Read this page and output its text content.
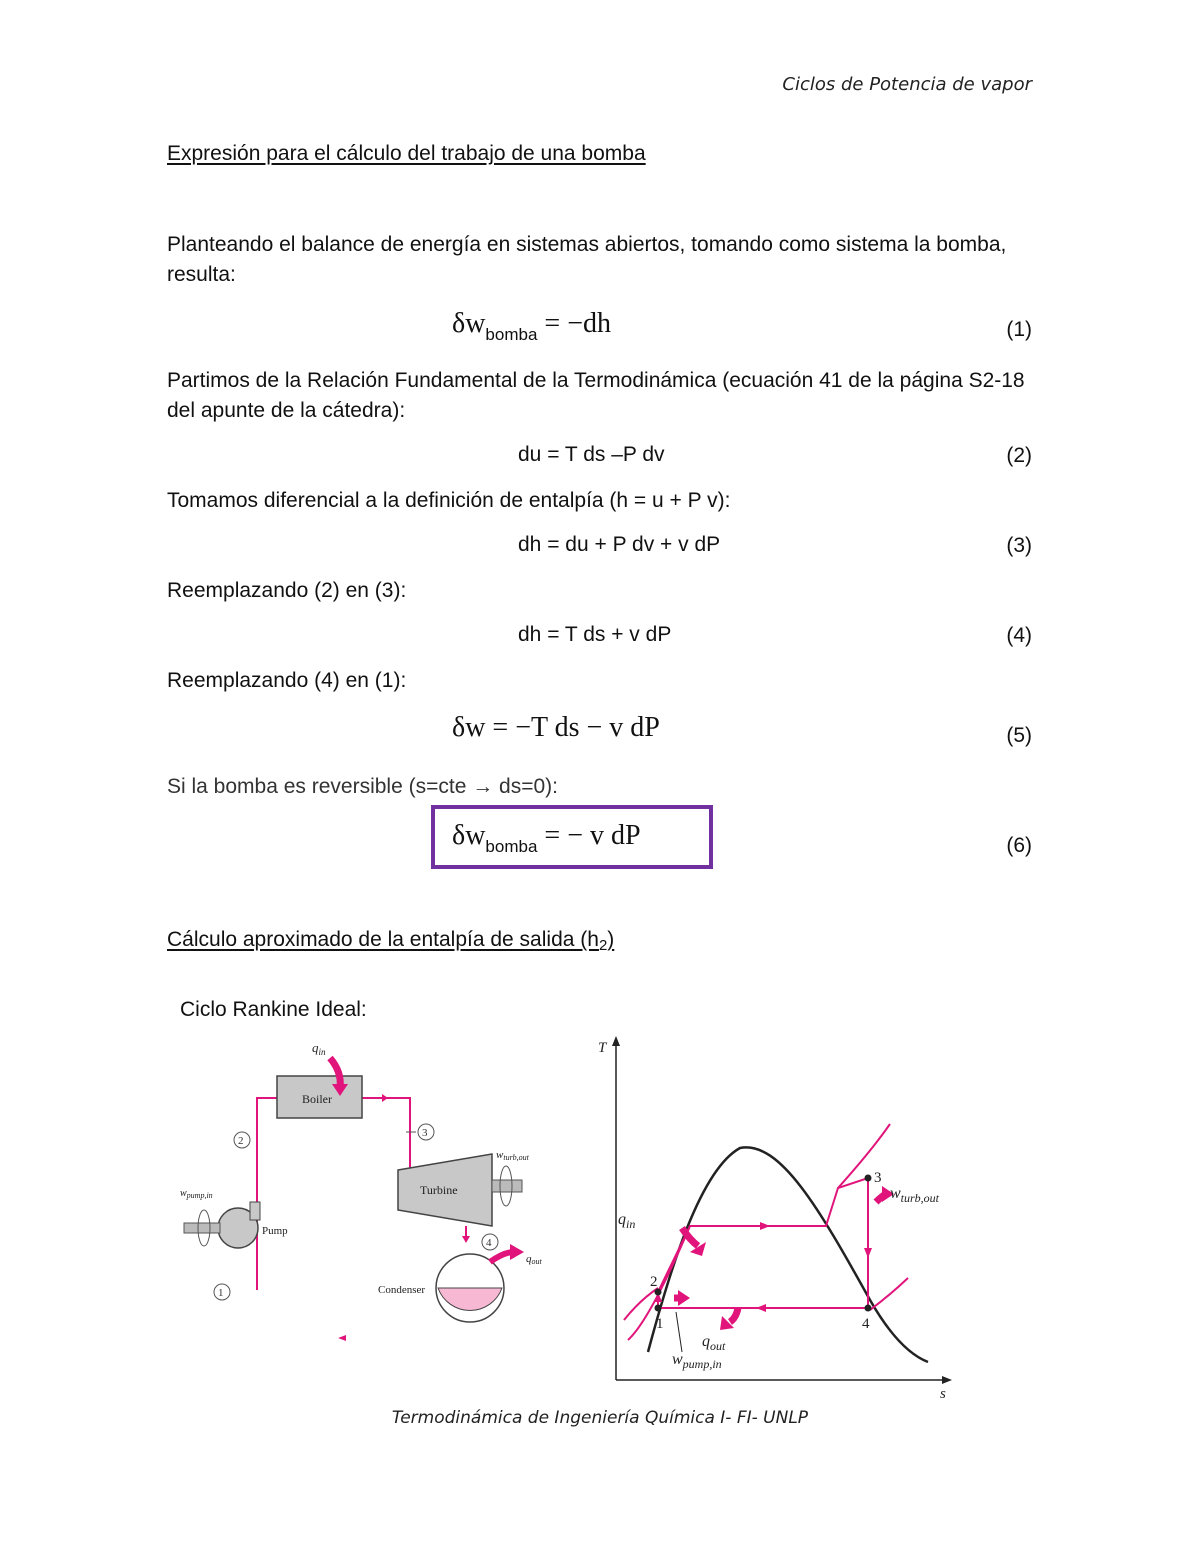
Ciclos de Potencia de vapor
Expresión para el cálculo del trabajo de una bomba
Planteando el balance de energía en sistemas abiertos, tomando como sistema la bomba, resulta:
$\delta w_{bomba} = -dh$	(1)
Partimos de la Relación Fundamental de la Termodinámica (ecuación 41 de la página S2-18 del apunte de la cátedra):
du = T ds –P dv	(2)
Tomamos diferencial a la definición de entalpía (h = u + P v):
dh = du + P dv + v dP	(3)
Reemplazando (2) en (3):
dh = T ds + v dP	(4)
Reemplazando (4) en (1):
δw = −T ds − v dP	(5)
Si la bomba es reversible (s=cte → ds=0):
$\delta w_{bomba}$ = − v dP	(6)
Cálculo aproximado de la entalpía de salida (h2)
Ciclo Rankine Ideal:
Boiler
$q_{in}$
2
3
Turbine
wturb,out
4
Condenser
qout
Pump
$w_{pump,in}$
1
T
s
1
2
3
4
$q_{in}$
$w_{turb,out}$
$q_{out}$
$w_{pump,in}$
Termodinámica de Ingeniería Química I- FI- UNLP
